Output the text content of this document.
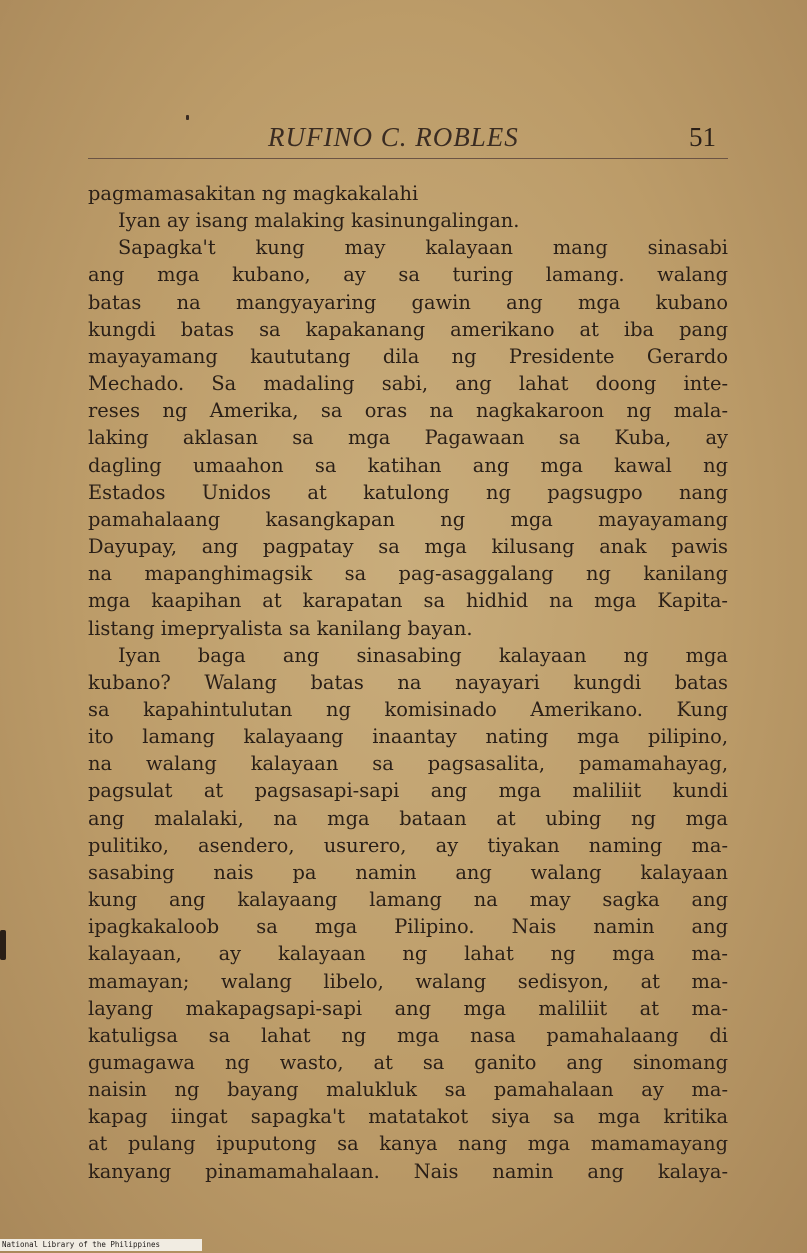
RUFINO C. ROBLES	51
pagmamasakitan ng magkakalahi
Iyan ay isang malaking kasinungalingan.
Sapagka't kung may kalayaan mang sinasabi
ang mga kubano, ay sa turing lamang. walang
batas na mangyayaring gawin ang mga kubano
kungdi batas sa kapakanang amerikano at iba pang
mayayamang kaututang dila ng Presidente Gerardo
Mechado. Sa madaling sabi, ang lahat doong inte-
reses ng Amerika, sa oras na nagkakaroon ng mala-
laking aklasan sa mga Pagawaan sa Kuba, ay
dagling umaahon sa katihan ang mga kawal ng
Estados Unidos at katulong ng pagsugpo nang
pamahalaang kasangkapan ng mga mayayamang
Dayupay, ang pagpatay sa mga kilusang anak pawis
na mapanghimagsik sa pag-asaggalang ng kanilang
mga kaapihan at karapatan sa hidhid na mga Kapita-
listang imepryalista sa kanilang bayan.
Iyan baga ang sinasabing kalayaan ng mga
kubano? Walang batas na nayayari kungdi batas
sa kapahintulutan ng komisinado Amerikano. Kung
ito lamang kalayaang inaantay nating mga pilipino,
na walang kalayaan sa pagsasalita, pamamahayag,
pagsulat at pagsasapi-sapi ang mga maliliit kundi
ang malalaki, na mga bataan at ubing ng mga
pulitiko, asendero, usurero, ay tiyakan naming ma-
sasabing nais pa namin ang walang kalayaan
kung ang kalayaang lamang na may sagka ang
ipagkakaloob sa mga Pilipino. Nais namin ang
kalayaan, ay kalayaan ng lahat ng mga ma-
mamayan; walang libelo, walang sedisyon, at ma-
layang makapagsapi-sapi ang mga maliliit at ma-
katuligsa sa lahat ng mga nasa pamahalaang di
gumagawa ng wasto, at sa ganito ang sinomang
naisin ng bayang malukluk sa pamahalaan ay ma-
kapag iingat sapagka't matatakot siya sa mga kritika
at pulang ipuputong sa kanya nang mga mamamayang
kanyang pinamamahalaan. Nais namin ang kalaya-
National Library of the Philippines
